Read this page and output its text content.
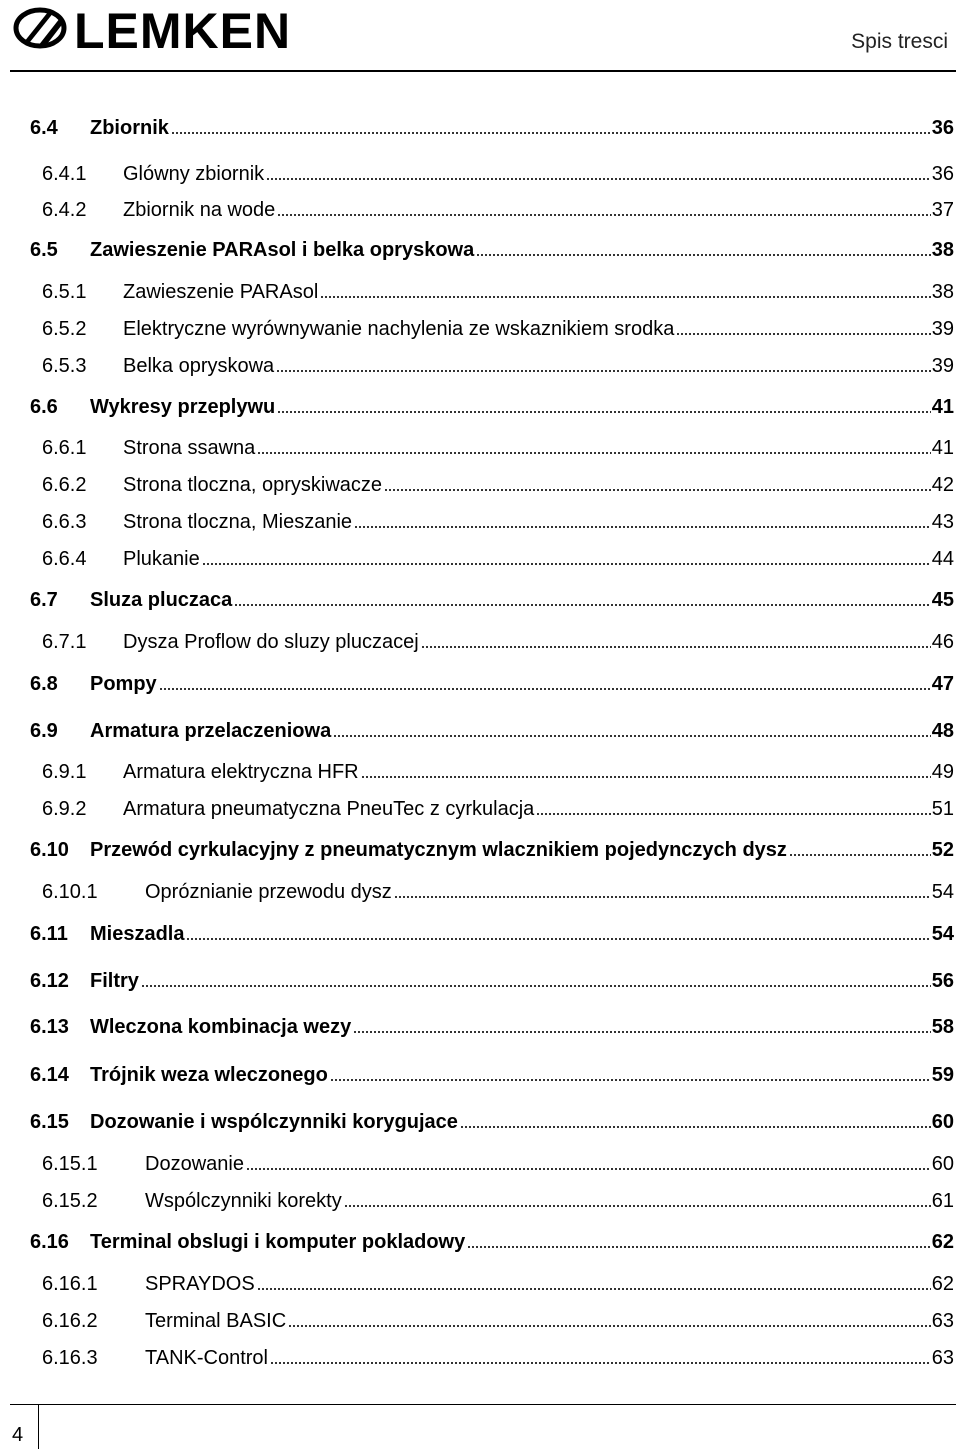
LEMKEN	Spis tresci
6.4	Zbiornik	36
6.4.1	Glówny zbiornik	36
6.4.2	Zbiornik na wode	37
6.5	Zawieszenie PARAsol i belka opryskowa	38
6.5.1	Zawieszenie PARAsol	38
6.5.2	Elektryczne wyrównywanie nachylenia ze wskaznikiem srodka	39
6.5.3	Belka opryskowa	39
6.6	Wykresy przeplywu	41
6.6.1	Strona ssawna	41
6.6.2	Strona tloczna, opryskiwacze	42
6.6.3	Strona tloczna, Mieszanie	43
6.6.4	Plukanie	44
6.7	Sluza pluczaca	45
6.7.1	Dysza Proflow do sluzy pluczacej	46
6.8	Pompy	47
6.9	Armatura przelaczeniowa	48
6.9.1	Armatura elektryczna HFR	49
6.9.2	Armatura pneumatyczna PneuTec z cyrkulacja	51
6.10	Przewód cyrkulacyjny z pneumatycznym wlacznikiem pojedynczych dysz	52
6.10.1	Opróznianie przewodu dysz	54
6.11	Mieszadla	54
6.12	Filtry	56
6.13	Wleczona kombinacja wezy	58
6.14	Trójnik weza wleczonego	59
6.15	Dozowanie i wspólczynniki korygujace	60
6.15.1	Dozowanie	60
6.15.2	Wspólczynniki korekty	61
6.16	Terminal obslugi i komputer pokladowy	62
6.16.1	SPRAYDOS	62
6.16.2	Terminal BASIC	63
6.16.3	TANK-Control	63
4
